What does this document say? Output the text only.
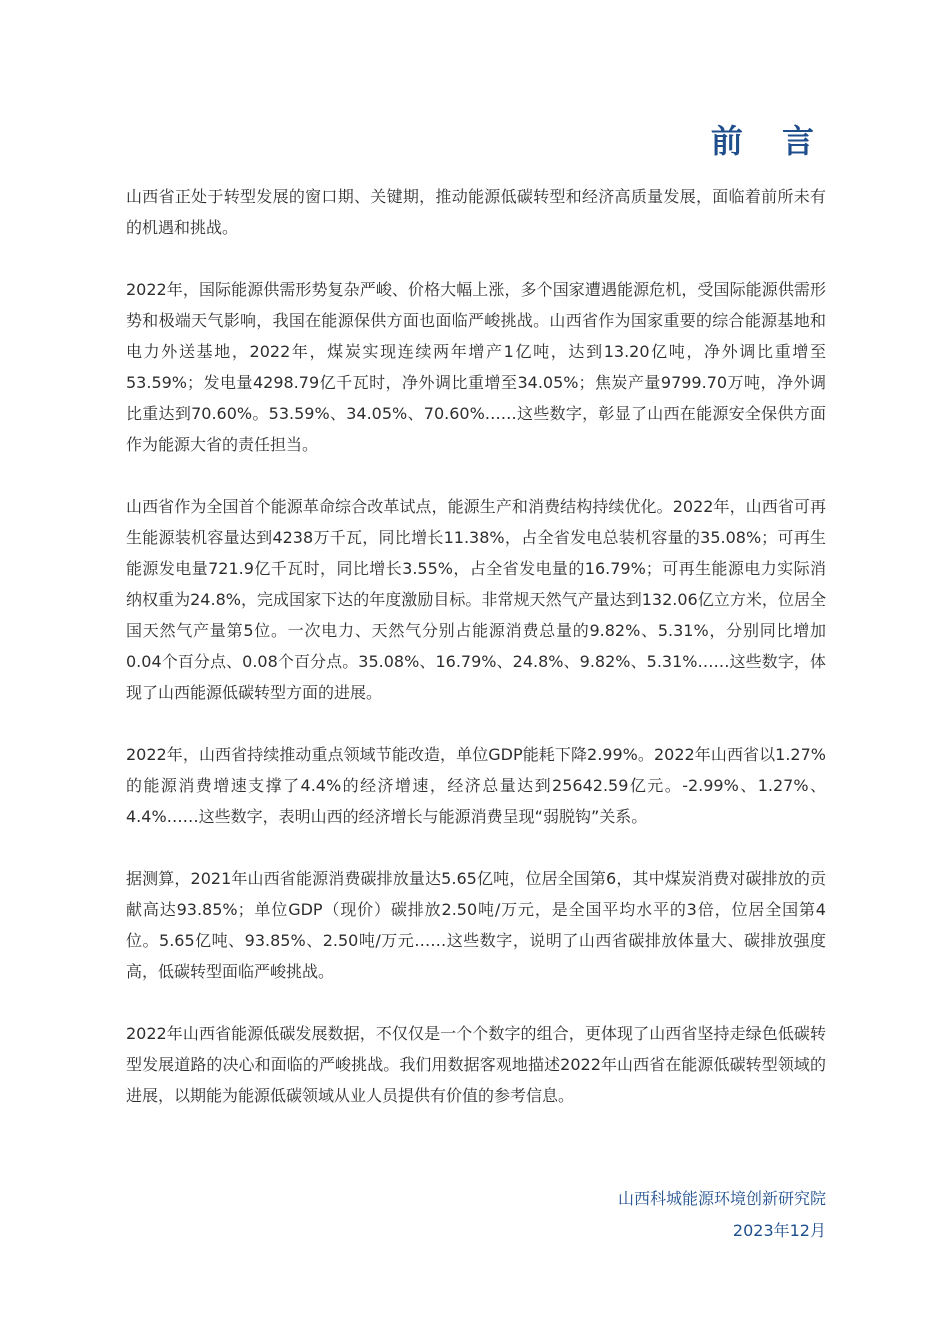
前 言

山西省正处于转型发展的窗口期、关键期，推动能源低碳转型和经济高质量发展，面临着前所未有的机遇和挑战。

2022年，国际能源供需形势复杂严峻、价格大幅上涨，多个国家遭遇能源危机，受国际能源供需形势和极端天气影响，我国在能源保供方面也面临严峻挑战。山西省作为国家重要的综合能源基地和电力外送基地，2022年，煤炭实现连续两年增产1亿吨，达到13.20亿吨，净外调比重增至53.59%；发电量4298.79亿千瓦时，净外调比重增至34.05%；焦炭产量9799.70万吨，净外调比重达到70.60%。53.59%、34.05%、70.60%……这些数字，彰显了山西在能源安全保供方面作为能源大省的责任担当。

山西省作为全国首个能源革命综合改革试点，能源生产和消费结构持续优化。2022年，山西省可再生能源装机容量达到4238万千瓦，同比增长11.38%，占全省发电总装机容量的35.08%；可再生能源发电量721.9亿千瓦时，同比增长3.55%，占全省发电量的16.79%；可再生能源电力实际消纳权重为24.8%，完成国家下达的年度激励目标。非常规天然气产量达到132.06亿立方米，位居全国天然气产量第5位。一次电力、天然气分别占能源消费总量的9.82%、5.31%，分别同比增加0.04个百分点、0.08个百分点。35.08%、16.79%、24.8%、9.82%、5.31%……这些数字，体现了山西能源低碳转型方面的进展。

2022年，山西省持续推动重点领域节能改造，单位GDP能耗下降2.99%。2022年山西省以1.27%的能源消费增速支撑了4.4%的经济增速，经济总量达到25642.59亿元。-2.99%、1.27%、4.4%……这些数字，表明山西的经济增长与能源消费呈现“弱脱钩”关系。

据测算，2021年山西省能源消费碳排放量达5.65亿吨，位居全国第6，其中煤炭消费对碳排放的贡献高达93.85%；单位GDP（现价）碳排放2.50吨/万元，是全国平均水平的3倍，位居全国第4位。5.65亿吨、93.85%、2.50吨/万元……这些数字，说明了山西省碳排放体量大、碳排放强度高，低碳转型面临严峻挑战。

2022年山西省能源低碳发展数据，不仅仅是一个个数字的组合，更体现了山西省坚持走绿色低碳转型发展道路的决心和面临的严峻挑战。我们用数据客观地描述2022年山西省在能源低碳转型领域的进展，以期能为能源低碳领域从业人员提供有价值的参考信息。

山西科城能源环境创新研究院
2023年12月
